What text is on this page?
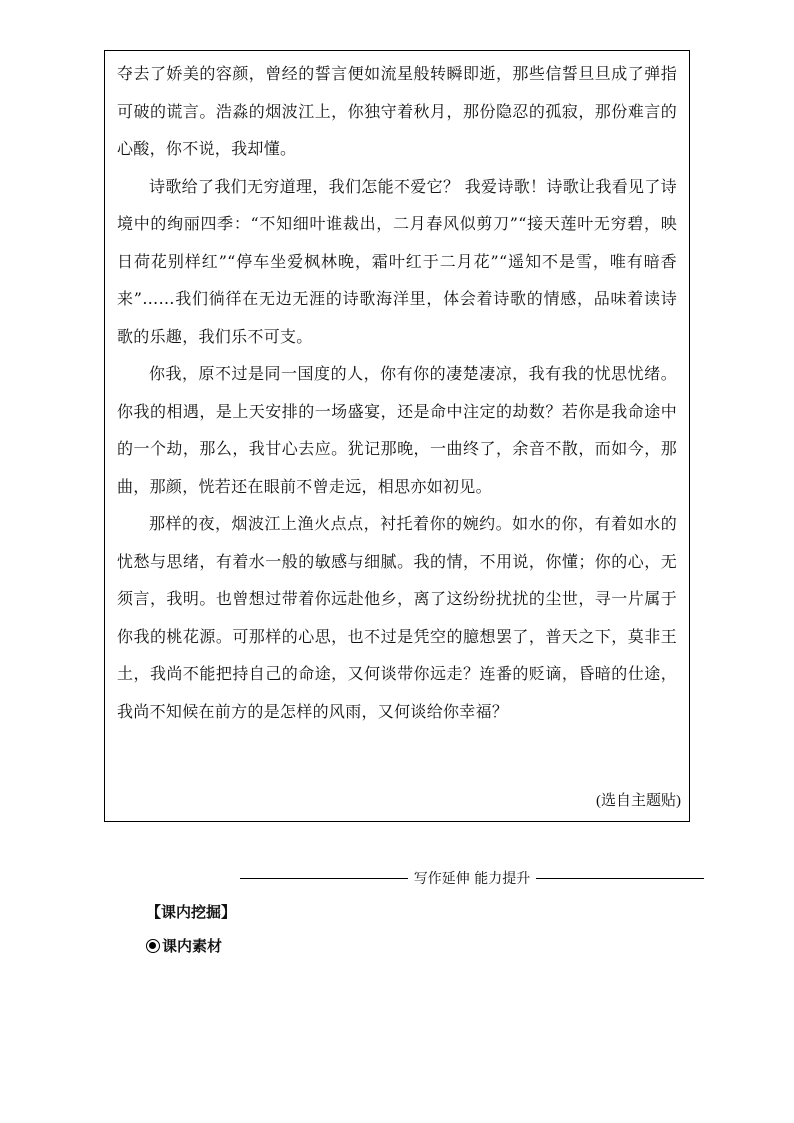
夺去了娇美的容颜，曾经的誓言便如流星般转瞬即逝，那些信誓旦旦成了弹指可破的谎言。浩淼的烟波江上，你独守着秋月，那份隐忍的孤寂，那份难言的心酸，你不说，我却懂。

诗歌给了我们无穷道理，我们怎能不爱它？ 我爱诗歌！诗歌让我看见了诗境中的绚丽四季：“不知细叶谁裁出，二月春风似剪刀”“接天莲叶无穷碧，映日荷花别样红”“停车坐爱枫林晚，霜叶红于二月花”“遥知不是雪，唯有暗香来”……我们徜徉在无边无涯的诗歌海洋里，体会着诗歌的情感，品味着读诗歌的乐趣，我们乐不可支。

你我，原不过是同一国度的人，你有你的凄楚凄凉，我有我的忧思忧绪。你我的相遇，是上天安排的一场盛宴，还是命中注定的劫数？若你是我命途中的一个劫，那么，我甘心去应。犹记那晚，一曲终了，余音不散，而如今，那曲，那颜，恍若还在眼前不曾走远，相思亦如初见。

那样的夜，烟波江上渔火点点，衬托着你的婉约。如水的你，有着如水的忧愁与思绪，有着水一般的敏感与细腻。我的情，不用说，你懂；你的心，无须言，我明。也曾想过带着你远赴他乡，离了这纷纷扰扰的尘世，寻一片属于你我的桃花源。可那样的心思，也不过是凭空的臆想罢了，普天之下，莫非王土，我尚不能把持自己的命途，又何谈带你远走？连番的贬谪，昏暗的仕途，我尚不知候在前方的是怎样的风雨，又何谈给你幸福？

(选自主题贴)
写作延伸 能力提升
【课内挖掘】
课内素材
